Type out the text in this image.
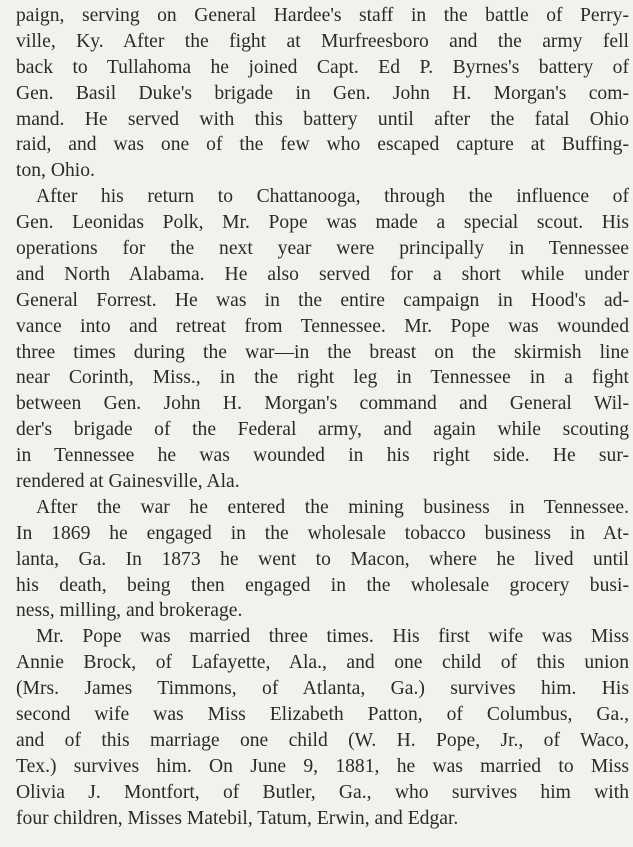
paign, serving on General Hardee's staff in the battle of Perry-
ville, Ky. After the fight at Murfreesboro and the army fell
back to Tullahoma he joined Capt. Ed P. Byrnes's battery of
Gen. Basil Duke's brigade in Gen. John H. Morgan's com-
mand. He served with this battery until after the fatal Ohio
raid, and was one of the few who escaped capture at Buffing-
ton, Ohio.
After his return to Chattanooga, through the influence of
Gen. Leonidas Polk, Mr. Pope was made a special scout. His
operations for the next year were principally in Tennessee
and North Alabama. He also served for a short while under
General Forrest. He was in the entire campaign in Hood's ad-
vance into and retreat from Tennessee. Mr. Pope was wounded
three times during the war—in the breast on the skirmish line
near Corinth, Miss., in the right leg in Tennessee in a fight
between Gen. John H. Morgan's command and General Wil-
der's brigade of the Federal army, and again while scouting
in Tennessee he was wounded in his right side. He sur-
rendered at Gainesville, Ala.
After the war he entered the mining business in Tennessee.
In 1869 he engaged in the wholesale tobacco business in At-
lanta, Ga. In 1873 he went to Macon, where he lived until
his death, being then engaged in the wholesale grocery busi-
ness, milling, and brokerage.
Mr. Pope was married three times. His first wife was Miss
Annie Brock, of Lafayette, Ala., and one child of this union
(Mrs. James Timmons, of Atlanta, Ga.) survives him. His
second wife was Miss Elizabeth Patton, of Columbus, Ga.,
and of this marriage one child (W. H. Pope, Jr., of Waco,
Tex.) survives him. On June 9, 1881, he was married to Miss
Olivia J. Montfort, of Butler, Ga., who survives him with
four children, Misses Matebil, Tatum, Erwin, and Edgar.
